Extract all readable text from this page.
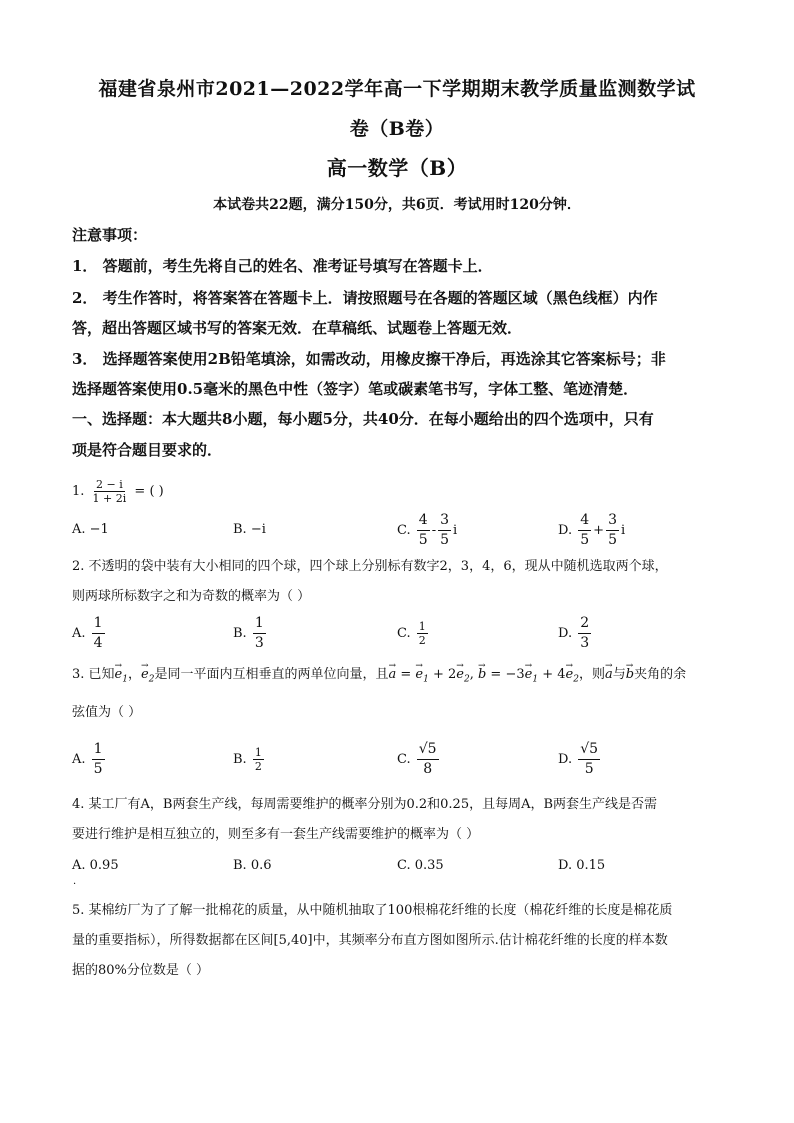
福建省泉州市2021—2022学年高一下学期期末教学质量监测数学试
卷（B卷）
高一数学（B）
本试卷共22题，满分150分，共6页．考试用时120分钟．
注意事项：
1． 答题前，考生先将自己的姓名、准考证号填写在答题卡上．
2． 考生作答时，将答案答在答题卡上．请按照题号在各题的答题区域（黑色线框）内作
答，超出答题区域书写的答案无效．在草稿纸、试题卷上答题无效．
3． 选择题答案使用2B铅笔填涂，如需改动，用橡皮擦干净后，再选涂其它答案标号；非
选择题答案使用0.5毫米的黑色中性（签字）笔或碳素笔书写，字体工整、笔迹清楚．
一、选择题：本大题共8小题，每小题5分，共40分．在每小题给出的四个选项中，只有
项是符合题目要求的．
1. $\frac{2 - i}{1 + 2i}$ = ( )
A. −1	B. −i	C. $\frac{4}{5} - \frac{3}{5}$ i	D. $\frac{4}{5} + \frac{3}{5}$ i
2. 不透明的袋中装有大小相同的四个球，四个球上分别标有数字2，3，4，6，现从中随机选取两个球，
则两球所标数字之和为奇数的概率为（ ）
A. $\frac{1}{4}$	B. $\frac{1}{3}$	C. $\frac{1}{2}$	D. $\frac{2}{3}$
3. 已知→ $e_1$，→ $e_2$是同一平面内互相垂直的两单位向量，且→ a = → $e_1 + 2\to e_2$, → $b = -3\to e_1 + 4\to e_2$，则→ a与→ b夹角的余
弦值为（ ）
A. $\frac{1}{5}$	B. $\frac{1}{2}$	C. $\frac{√5}{8}$	D. $\frac{√5}{5}$
4. 某工厂有A，B两套生产线，每周需要维护的概率分别为0.2和0.25，且每周A，B两套生产线是否需
要进行维护是相互独立的，则至多有一套生产线需要维护的概率为（ ）
A. 0.95	B. 0.6	C. 0.35	D. 0.15
·
5. 某棉纺厂为了了解一批棉花的质量，从中随机抽取了100根棉花纤维的长度（棉花纤维的长度是棉花质
量的重要指标），所得数据都在区间[5,40]中，其频率分布直方图如图所示.估计棉花纤维的长度的样本数
据的80%分位数是（ ）
